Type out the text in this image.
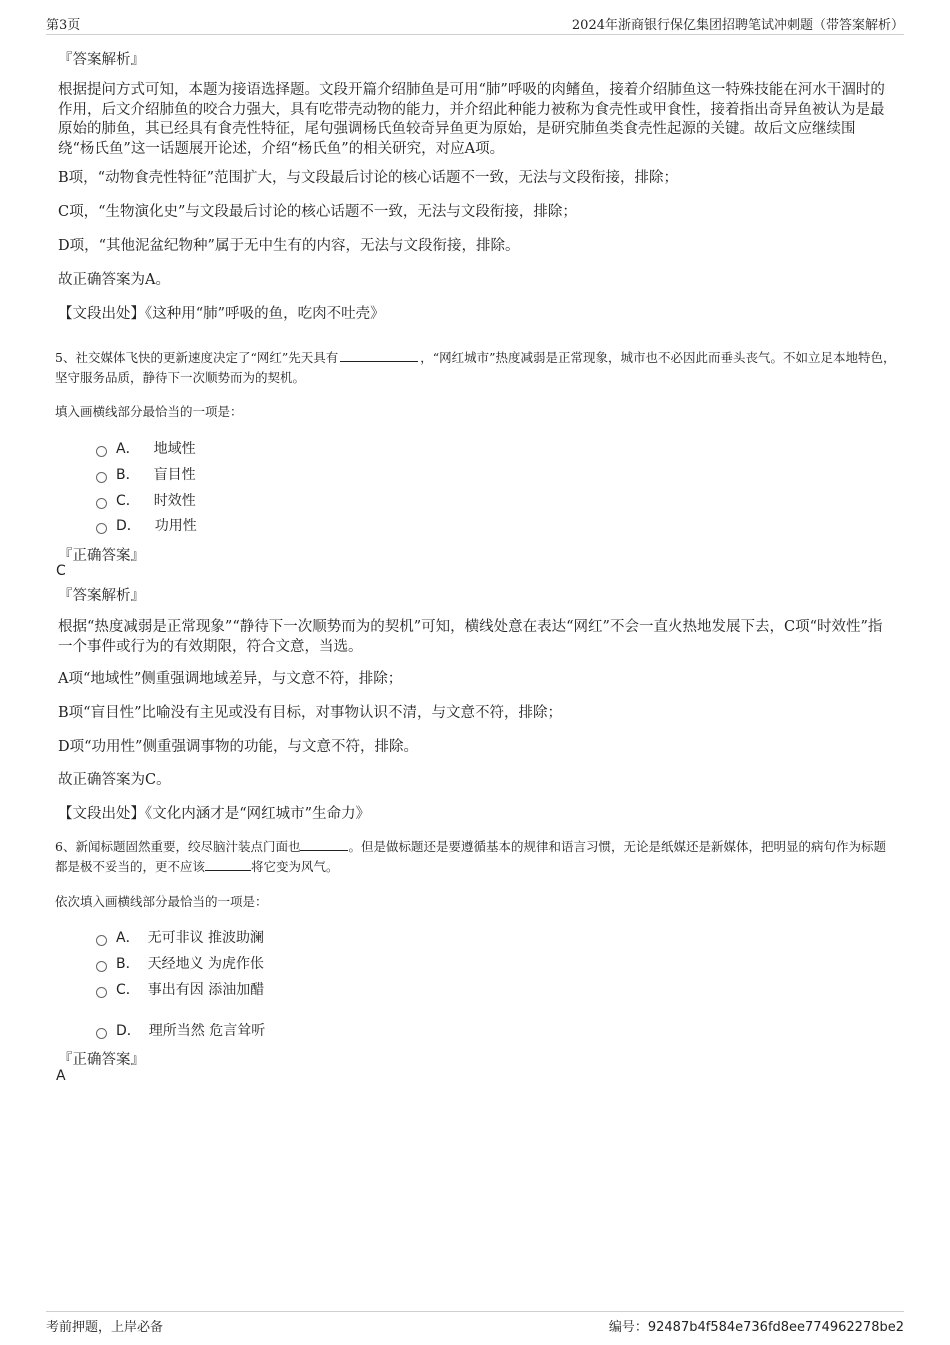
第3页	2024年浙商银行保亿集团招聘笔试冲刺题（带答案解析）
『答案解析』
根据提问方式可知，本题为接语选择题。文段开篇介绍肺鱼是可用“肺”呼吸的肉鳍鱼，接着介绍肺鱼这一特殊技能在河水干涸时的作用，后文介绍肺鱼的咬合力强大，具有吃带壳动物的能力，并介绍此种能力被称为食壳性或甲食性，接着指出奇异鱼被认为是最原始的肺鱼，其已经具有食壳性特征，尾句强调杨氏鱼较奇异鱼更为原始，是研究肺鱼类食壳性起源的关键。故后文应继续围绕“杨氏鱼”这一话题展开论述，介绍“杨氏鱼”的相关研究，对应A项。
B项，“动物食壳性特征”范围扩大，与文段最后讨论的核心话题不一致，无法与文段衔接，排除；
C项，“生物演化史”与文段最后讨论的核心话题不一致，无法与文段衔接，排除；
D项，“其他泥盆纪物种”属于无中生有的内容，无法与文段衔接，排除。
故正确答案为A。
【文段出处】《这种用“肺”呼吸的鱼，吃肉不吐壳》
5、社交媒体飞快的更新速度决定了“网红”先天具有	，“网红城市”热度减弱是正常现象，城市也不必因此而垂头丧气。不如立足本地特色，坚守服务品质，静待下一次顺势而为的契机。
填入画横线部分最恰当的一项是：
A． 地域性
B． 盲目性
C． 时效性
D． 功用性
『正确答案』
C
『答案解析』
根据“热度减弱是正常现象”“静待下一次顺势而为的契机”可知，横线处意在表达“网红”不会一直火热地发展下去，C项“时效性”指一个事件或行为的有效期限，符合文意，当选。
A项“地域性”侧重强调地域差异，与文意不符，排除；
B项“盲目性”比喻没有主见或没有目标，对事物认识不清，与文意不符，排除；
D项“功用性”侧重强调事物的功能，与文意不符，排除。
故正确答案为C。
【文段出处】《文化内涵才是“网红城市”生命力》
6、新闻标题固然重要，绞尽脑汁装点门面也	。但是做标题还是要遵循基本的规律和语言习惯，无论是纸媒还是新媒体，把明显的病句作为标题都是极不妥当的，更不应该	将它变为风气。
依次填入画横线部分最恰当的一项是：
A． 无可非议 推波助澜
B． 天经地义 为虎作伥
C． 事出有因 添油加醋
D． 理所当然 危言耸听
『正确答案』
A
考前押题，上岸必备	编号：92487b4f584e736fd8ee774962278be2
